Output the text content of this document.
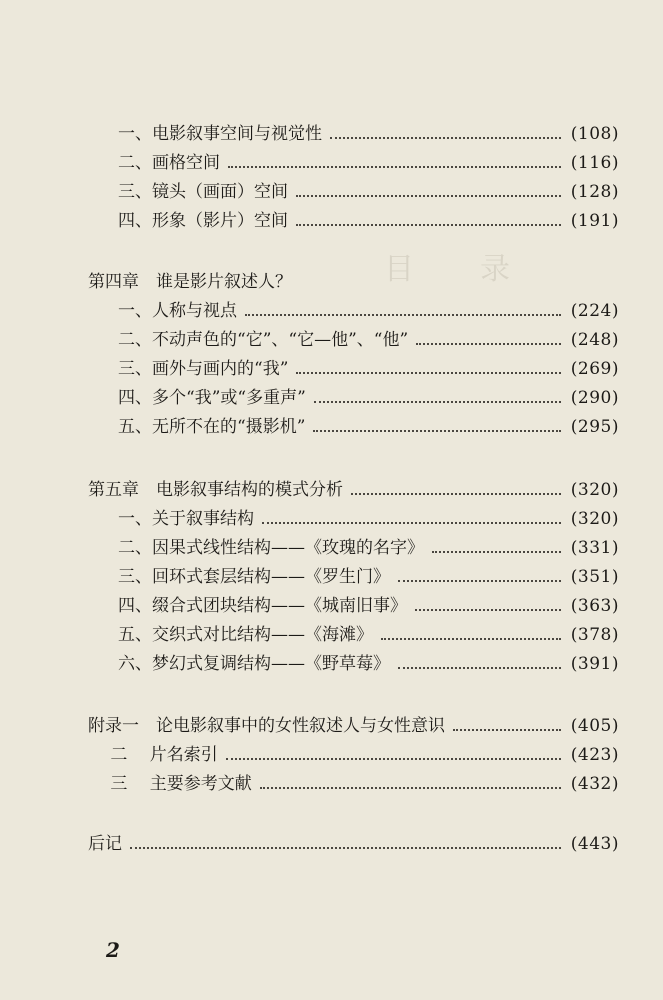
目　录
一、电影叙事空间与视觉性	(108)
二、画格空间	(116)
三、镜头（画面）空间	(128)
四、形象（影片）空间	(191)
第四章　谁是影片叙述人？
一、人称与视点	(224)
二、不动声色的“它”、“它—他”、“他”	(248)
三、画外与画内的“我”	(269)
四、多个“我”或“多重声”	(290)
五、无所不在的“摄影机”	(295)
第五章　电影叙事结构的模式分析	(320)
一、关于叙事结构	(320)
二、因果式线性结构——《玫瑰的名字》	(331)
三、回环式套层结构——《罗生门》	(351)
四、缀合式团块结构——《城南旧事》	(363)
五、交织式对比结构——《海滩》	(378)
六、梦幻式复调结构——《野草莓》	(391)
附录一　论电影叙事中的女性叙述人与女性意识	(405)
　 二　 片名索引	(423)
　 三　 主要参考文献	(432)
后记	(443)
2
